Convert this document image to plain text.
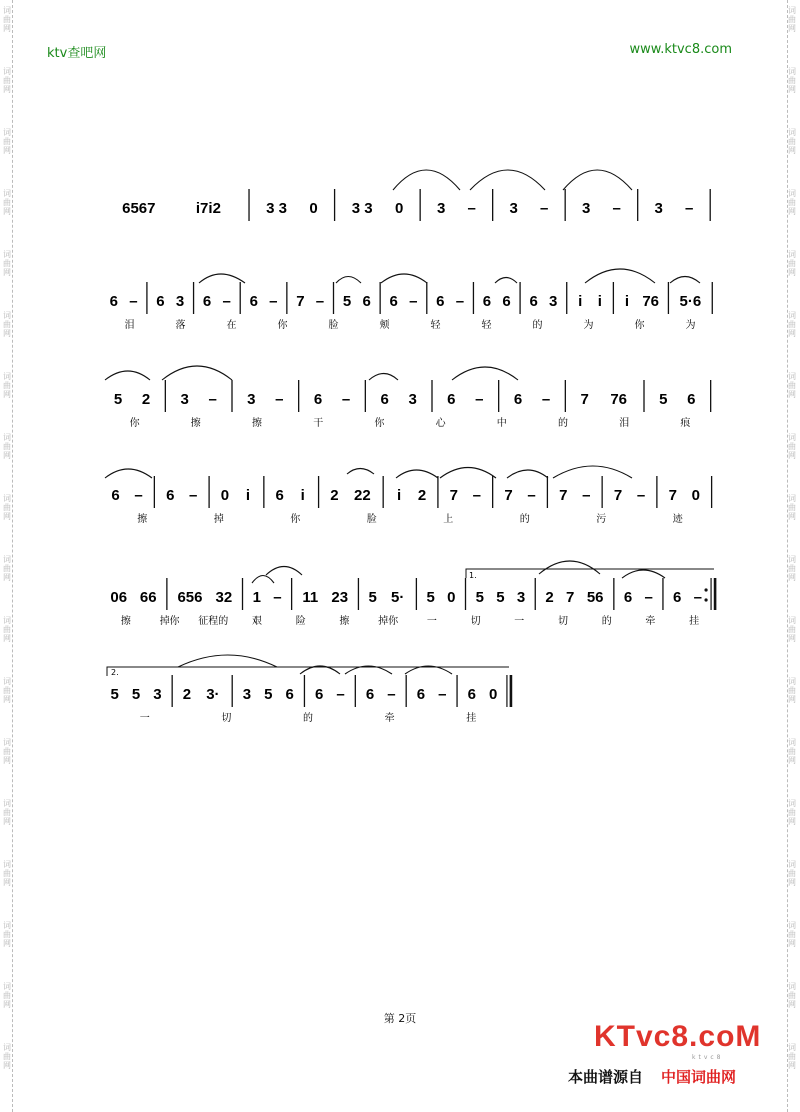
词
曲
网
词
曲
网
词
曲
网
词
曲
网
词
曲
网
词
曲
网
词
曲
网
词
曲
网
词
曲
网
词
曲
网
词
曲
网
词
曲
网
词
曲
网
词
曲
网
词
曲
网
词
曲
网
词
曲
网
词
曲
网
词
曲
网
词
曲
网
词
曲
网
词
曲
网
词
曲
网
词
曲
网
词
曲
网
词
曲
网
词
曲
网
词
曲
网
词
曲
网
词
曲
网
词
曲
网
词
曲
网
词
曲
网
词
曲
网
词
曲
网
词
曲
网
ktv查吧网	www.ktvc8.com
1.
2.
6567	i7i2	3 3 0 3 3 0 3 – 3 – 3 – 3 –
6 – 6 3 6 – 6 – 7 – 5 6 6 – 6 – 6 6 6 3 i i i 76 5·6
泪	落	在	你	脸	颊	轻	轻	的	为	你	为
5 2 3 – 3 – 6 – 6 3 6 – 6 – 7 76 5 6
你	擦	擦	干	你	心	中	的	泪	痕
6 – 6 – 0 i 6 i 2 22 i 2 7 – 7 – 7 – 7 – 7 0
擦	掉	你	脸	上	的	污	迹
06 66 656 32 1 – 11 23 5 5· 5 0 5 5 3 2 7 56 6 – 6 –
擦	掉你 征程的 艰	险	擦	掉你	一	切	一	切	的	牵	挂
5 5 3 2 3· 3 5 6 6 – 6 – 6 – 6 0
一	切	的	牵	挂
第 2页
KTvc8.coM
ktvc8
本曲谱源自 中国词曲网
